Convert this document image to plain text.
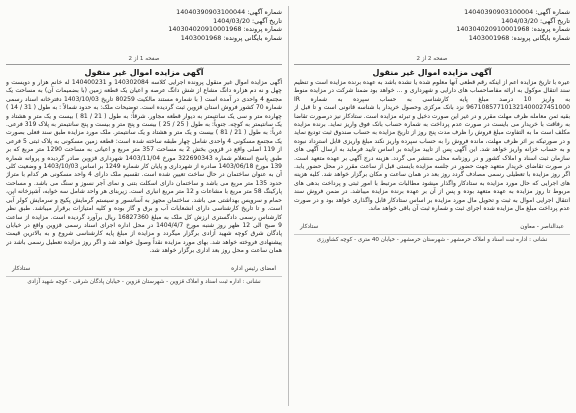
شماره آگهی: 14040390903100004
تاریخ آگهی: 1404/03/20
شماره پرونده: 140304020910001968
شماره بایگانی پرونده: 1403001968
صفحه 2 از 2
آگهی مزایده اموال غیر منقول

عیره با تاریخ مزایده اعم از اینکه رقم قطعی آنها معلوم شده یا نشده باشد به عهده برنده مزایده است و تنظیم سند انتقال موکول به ارائه مفاصاحساب های دارایی و شهرداری و ... خواهد بود ضمنا شرکت در مزایده منوط به واریز 10 درصد مبلغ پایه کارشناسی به حساب سپرده به شماره IR 967108577101321400027451000 نزد بانک مرکزی وحصول خریدار با شناسه قانونی است و تا قبل از بقیه ثمن معامله ظرف مهلت مقرر و در غیر این صورت دخیل و تبرئه مزایده است. ستادکار نیز درصورت تقاضا به رفاقت با خریدار می بایست در صورت عدم پرداخت به شماره حساب بانک فوق واریز نماید. برنده مزایده مکلف است ما به التفاوت مبلغ فروش را ظرف مدت پنج روز از تاریخ مزایده به حساب صندوق ثبت تودیع نماید و در صورتیکه بر اثر ظرف مهلت، مانده فروش را به حساب سپرده واریز نکند مبلغ واریزی قابل استرداد نبوده و به حساب خزانه واریز خواهد شد. این آگهی پس از تایید مزایده بر اساس تایید فرماید به ارسال آگهی های سازمان ثبت اسناد و املاک کشور و در روزنامه محلی منتشر می گردد. هزینه درج آگهی بر عهده متعهد است. در صورت تقاضای خریدار متعهد جهت حضور در جلسه مزایده بایستی قبل از ساعت مقرر در محل حضور یابد. اگر روز مزایده با تعطیلی رسمی مصادف گردد روز بعد در همان ساعت و مکان برگزار خواهد شد. کلیه هزینه های اجرایی که حال مورد مزایده به ستادکار واگذار میشود مطالبات مرتبط با امور ثبتی و پرداخت بدهی های مربوط تا روز مزایده به عهده متعهد بوده و پس از آن بر عهده برنده مزایده میباشد. در ضمن فروش سند انتقال اجرایی اموال به ثبت و تحویل مال مورد مزایده بر اساس ستادکار قابل واگذاری خواهد بود و در صورت عدم پرداخت مبلغ مال مزایده شده اجرای ثبت و شماره ثبت آن باقی خواهد ماند.

عبدالناصر - معاون
ستادکار
نشانی : اداره ثبت اسناد و املاک خرمشهر - شهرستان خرمشهر - خیابان 40 متری - کوچه کشاورزی
شماره آگهی: 14040390903100044
تاریخ آگهی: 1404/03/20
شماره پرونده: 140304020910001968
شماره بایگانی پرونده: 1403001968
صفحه 1 از 2
آگهی مزایده اموال غیر منقول

آگهی مزایده اموال غیر منقول پرونده اجرایی کلاسه 140302084 و 140400231 له خانم هزار و دویست و چهل و نه دم هزاره دانگ مشاع از شش دانگ عرصه و اعیان یک قطعه زمین (با بضمیمات آن) به مساحت یک مجتمع 4 واحدی در آمده است ( با شماره مستند مالکیت 80259 تاریخ 1403/10/03 دفترخانه اسناد رسمی شماره 70 کشور فروش استان قزوین ثبت گردیده است. توضیحات ملک: به حدود شمالاً : به طول ( 31 / 14 ) چهارده متر و سی یک سانتیمتر به دیوار قطعه مجاور. شرقاً: به طول ( 21 / 81 ) بیست و یک متر و هشتاد و یک سانتیمتر به کوچه. جنوباً: به طول ( 25 / 25 ) بیست و پنج متر و بیست و پنج سانتیمتر به پلاک 319 فرعی. غرباً: به طول ( 21 / 81 ) بیست و یک متر و هشتاد و یک سانتیمتر. ملک مورد مزایده طبق سند فعلی بصورت یک مجتمع مسکونی 4 واحدی شامل چهار طبقه ساخته شده است: قطعه زمین مسکونی به پلاک ثبتی 5 فرعی از 119 اصلی واقع در قزوین بخش 2 به مساحت 357 متر مربع و اعیانی به مساحت 1290 متر مربع که بر طبق پاسخ استعلام شماره 322690343 مورخ 1403/11/04 شهرداری قزوین صادر گردیده و پروانه شماره 139 مورخ 1403/06/18 صادره از شهرداری و پایان کار شماره 1249 بر اساس 1403/10/03 و وضعیت کلی آن به عنوان ساختمان در حال ساخت تعیین شده است. تقسیم ملک دارای 4 واحد مسکونی هر کدام با متراژ حدود 135 متر مربع می باشد و ساختمان دارای اسکلت بتنی و نمای آجر نسوز و سنگ می باشد. و مساحت پارکینگ 58 متر مربع با مشاعات و 12 متر مربع انباری است. زیربنای هر واحد شامل سه خوابه، آشپزخانه اپن، حمام و سرویس بهداشتی می باشد. ساختمان مجهز به آسانسور و سیستم گرمایش پکیج و سرمایش کولر آبی است. و تا تاریخ کارشناسی دارای انشعابات آب و برق و گاز بوده و کلیه امتیازات برقرار میباشد. طبق نظر کارشناس رسمی دادگستری ارزش کل ملک به مبلغ 16827360 ریال برآورد گردیده است. مزایده از ساعت 9 صبح الی 12 ظهر روز شنبه مورخ 1404/4/7 در محل اداره اجرای اسناد رسمی قزوین واقع در خیابان پادگان شرق کوچه شهید آزادی برگزار میگردد و مزایده از مبلغ پایه کارشناسی شروع و به بالاترین قیمت پیشنهادی فروخته خواهد شد. بهای مورد مزایده نقداً وصول خواهد شد و اگر روز مزایده تعطیل رسمی باشد در همان ساعت و محل روز بعد اداری برگزار خواهد شد.

امضای رئیس اداره
ستادکار
نشانی : اداره ثبت اسناد و املاک قزوین - شهرستان قزوین - خیابان پادگان شرقی - کوچه شهید آزادی
